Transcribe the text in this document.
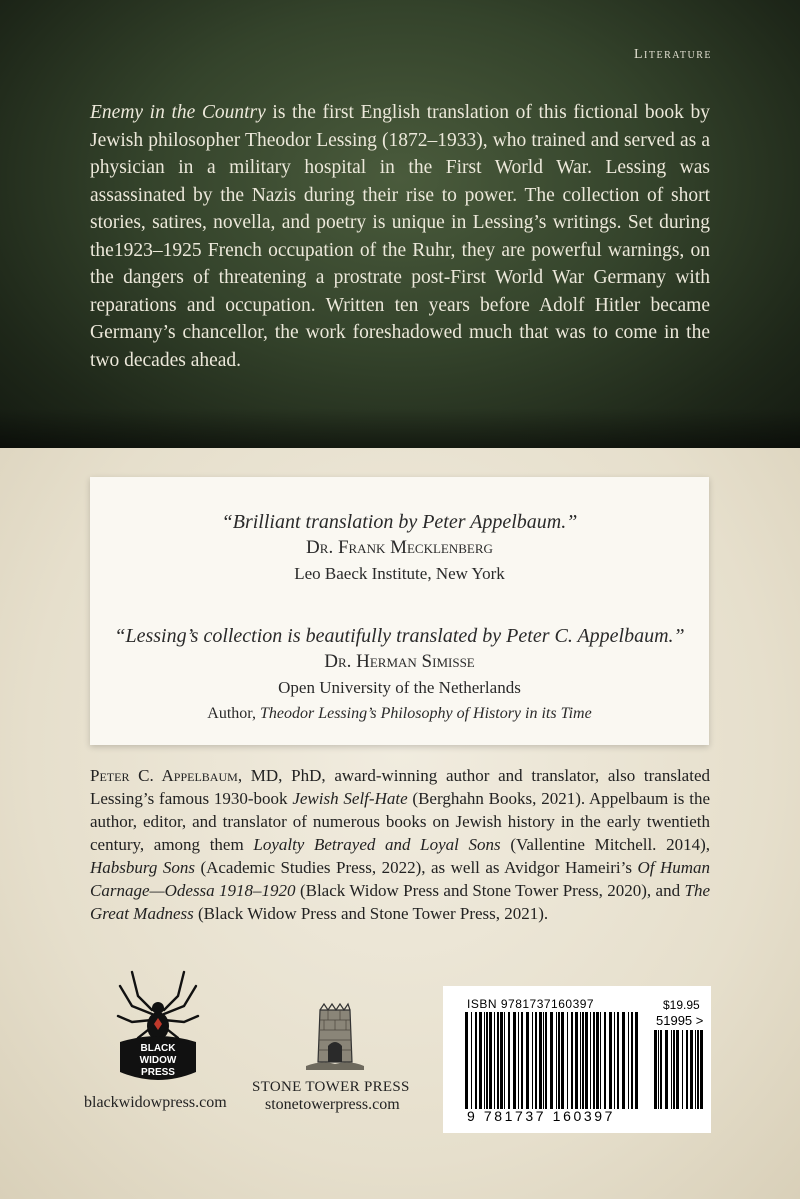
Literature

Enemy in the Country is the first English translation of this fictional book by Jewish philosopher Theodor Lessing (1872–1933), who trained and served as a physician in a military hospital in the First World War. Lessing was assassinated by the Nazis during their rise to power. The collection of short stories, satires, novella, and poetry is unique in Lessing’s writings. Set during the1923–1925 French occupation of the Ruhr, they are powerful warnings, on the dangers of threatening a prostrate post-First World War Germany with reparations and occupation. Written ten years before Adolf Hitler became Germany’s chancellor, the work foreshadowed much that was to come in the two decades ahead.

“Brilliant translation by Peter Appelbaum.”
Dr. Frank Mecklenberg
Leo Baeck Institute, New York
“Lessing’s collection is beautifully translated by Peter C. Appelbaum.”
Dr. Herman Simisse
Open University of the Netherlands
Author, Theodor Lessing’s Philosophy of History in its Time

Peter C. Appelbaum, MD, PhD, award-winning author and translator, also translated Lessing’s famous 1930-book Jewish Self-Hate (Berghahn Books, 2021). Appelbaum is the author, editor, and translator of numerous books on Jewish history in the early twentieth century, among them Loyalty Betrayed and Loyal Sons (Vallentine Mitchell. 2014), Habsburg Sons (Academic Studies Press, 2022), as well as Avidgor Hameiri’s Of Human Carnage—Odessa 1918–1920 (Black Widow Press and Stone Tower Press, 2020), and The Great Madness (Black Widow Press and Stone Tower Press, 2021).

BLACK
WIDOW
PRESS
blackwidowpress.com
STONE TOWER PRESS
stonetowerpress.com
ISBN 9781737160397	$19.95
51995 >
9 781737 160397
